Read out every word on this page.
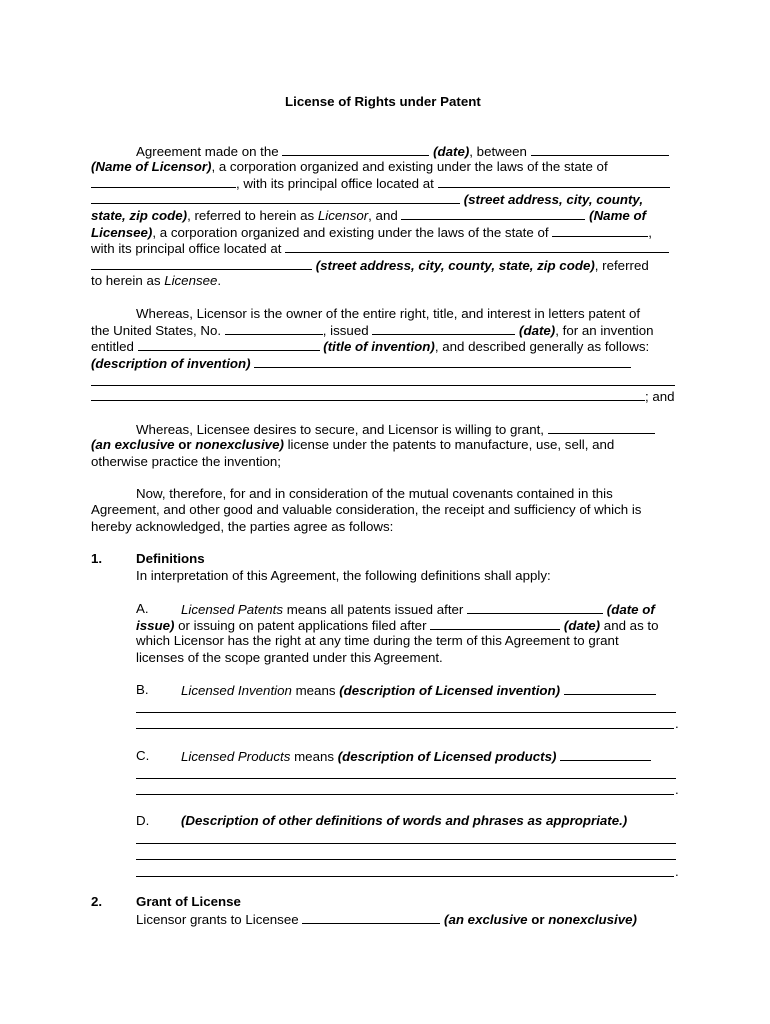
License of Rights under Patent
Agreement made on the	(date), between
(Name of Licensor), a corporation organized and existing under the laws of the state of
, with its principal office located at
(street address, city, county,
state, zip code), referred to herein as Licensor, and	(Name of
Licensee), a corporation organized and existing under the laws of the state of	,
with its principal office located at
(street address, city, county, state, zip code), referred
to herein as Licensee.
Whereas, Licensor is the owner of the entire right, title, and interest in letters patent of
the United States, No.	, issued	(date), for an invention
entitled	(title of invention), and described generally as follows:
(description of invention)
; and
Whereas, Licensee desires to secure, and Licensor is willing to grant,
(an exclusive or nonexclusive) license under the patents to manufacture, use, sell, and
otherwise practice the invention;
Now, therefore, for and in consideration of the mutual covenants contained in this
Agreement, and other good and valuable consideration, the receipt and sufficiency of which is
hereby acknowledged, the parties agree as follows:
1.	Definitions
In interpretation of this Agreement, the following definitions shall apply:
A. Licensed Patents means all patents issued after	(date of
issue) or issuing on patent applications filed after	(date) and as to
which Licensor has the right at any time during the term of this Agreement to grant
licenses of the scope granted under this Agreement.
B. Licensed Invention means (description of Licensed invention)
.
C. Licensed Products means (description of Licensed products)
.
D. (Description of other definitions of words and phrases as appropriate.)
.
2.	Grant of License
Licensor grants to Licensee	(an exclusive or nonexclusive)
